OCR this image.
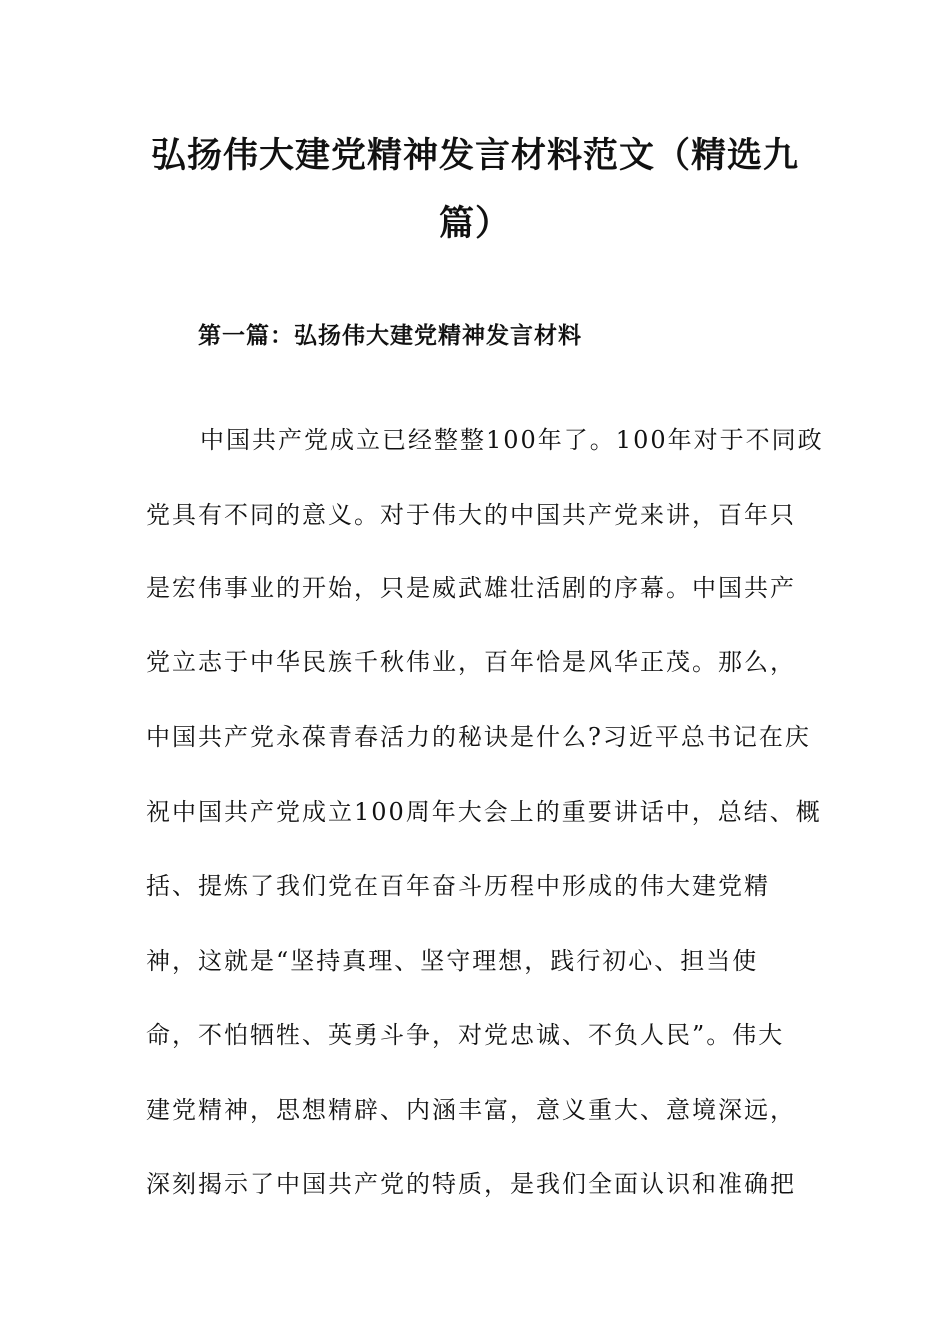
弘扬伟大建党精神发言材料范文（精选九篇）
第一篇：弘扬伟大建党精神发言材料
中国共产党成立已经整整100年了。100年对于不同政
党具有不同的意义。对于伟大的中国共产党来讲，百年只
是宏伟事业的开始，只是威武雄壮活剧的序幕。中国共产
党立志于中华民族千秋伟业，百年恰是风华正茂。那么，
中国共产党永葆青春活力的秘诀是什么?习近平总书记在庆
祝中国共产党成立100周年大会上的重要讲话中，总结、概
括、提炼了我们党在百年奋斗历程中形成的伟大建党精
神，这就是“坚持真理、坚守理想，践行初心、担当使
命，不怕牺牲、英勇斗争，对党忠诚、不负人民”。伟大
建党精神，思想精辟、内涵丰富，意义重大、意境深远，
深刻揭示了中国共产党的特质，是我们全面认识和准确把
